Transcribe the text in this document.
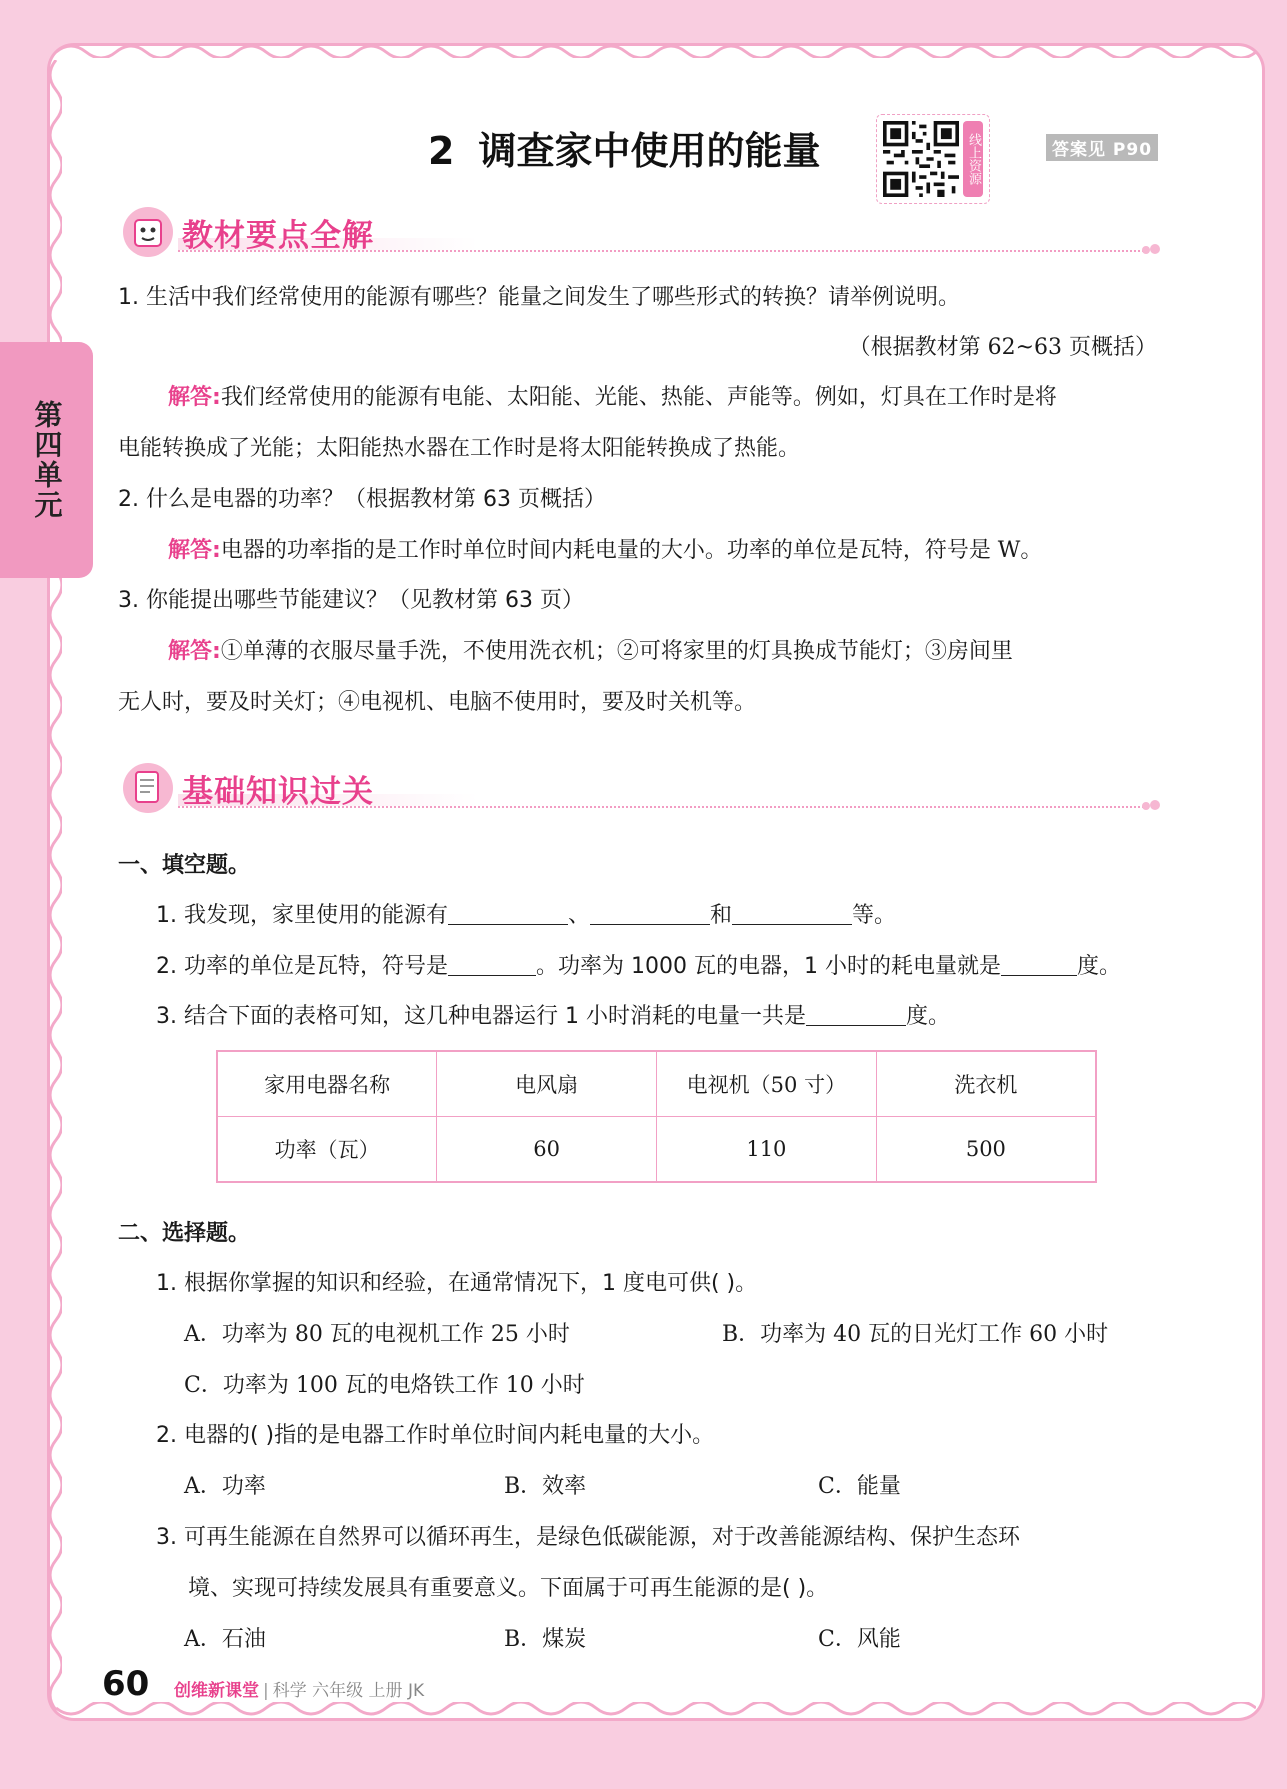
第四单元
2 调查家中使用的能量	线上资源	答案见 P90
教材要点全解
1. 生活中我们经常使用的能源有哪些？能量之间发生了哪些形式的转换？请举例说明。
（根据教材第 62~63 页概括）
解答:我们经常使用的能源有电能、太阳能、光能、热能、声能等。例如，灯具在工作时是将
电能转换成了光能；太阳能热水器在工作时是将太阳能转换成了热能。
2. 什么是电器的功率？（根据教材第 63 页概括）
解答:电器的功率指的是工作时单位时间内耗电量的大小。功率的单位是瓦特，符号是 W。
3. 你能提出哪些节能建议？（见教材第 63 页）
解答:①单薄的衣服尽量手洗，不使用洗衣机；②可将家里的灯具换成节能灯；③房间里
无人时，要及时关灯；④电视机、电脑不使用时，要及时关机等。
基础知识过关
一、填空题。
1. 我发现，家里使用的能源有	、	和	等。
2. 功率的单位是瓦特，符号是	。功率为 1000 瓦的电器，1 小时的耗电量就是	度。
3. 结合下面的表格可知，这几种电器运行 1 小时消耗的电量一共是	度。
家用电器名称	电风扇	电视机（50 寸）	洗衣机
功率（瓦）	60	110	500
二、选择题。
1. 根据你掌握的知识和经验，在通常情况下，1 度电可供( )。
A．功率为 80 瓦的电视机工作 25 小时	B．功率为 40 瓦的日光灯工作 60 小时
C．功率为 100 瓦的电烙铁工作 10 小时
2. 电器的( )指的是电器工作时单位时间内耗电量的大小。
A．功率	B．效率	C．能量
3. 可再生能源在自然界可以循环再生，是绿色低碳能源，对于改善能源结构、保护生态环
境、实现可持续发展具有重要意义。下面属于可再生能源的是( )。
A．石油	B．煤炭	C．风能
60 创维新课堂 | 科学 六年级 上册 JK
